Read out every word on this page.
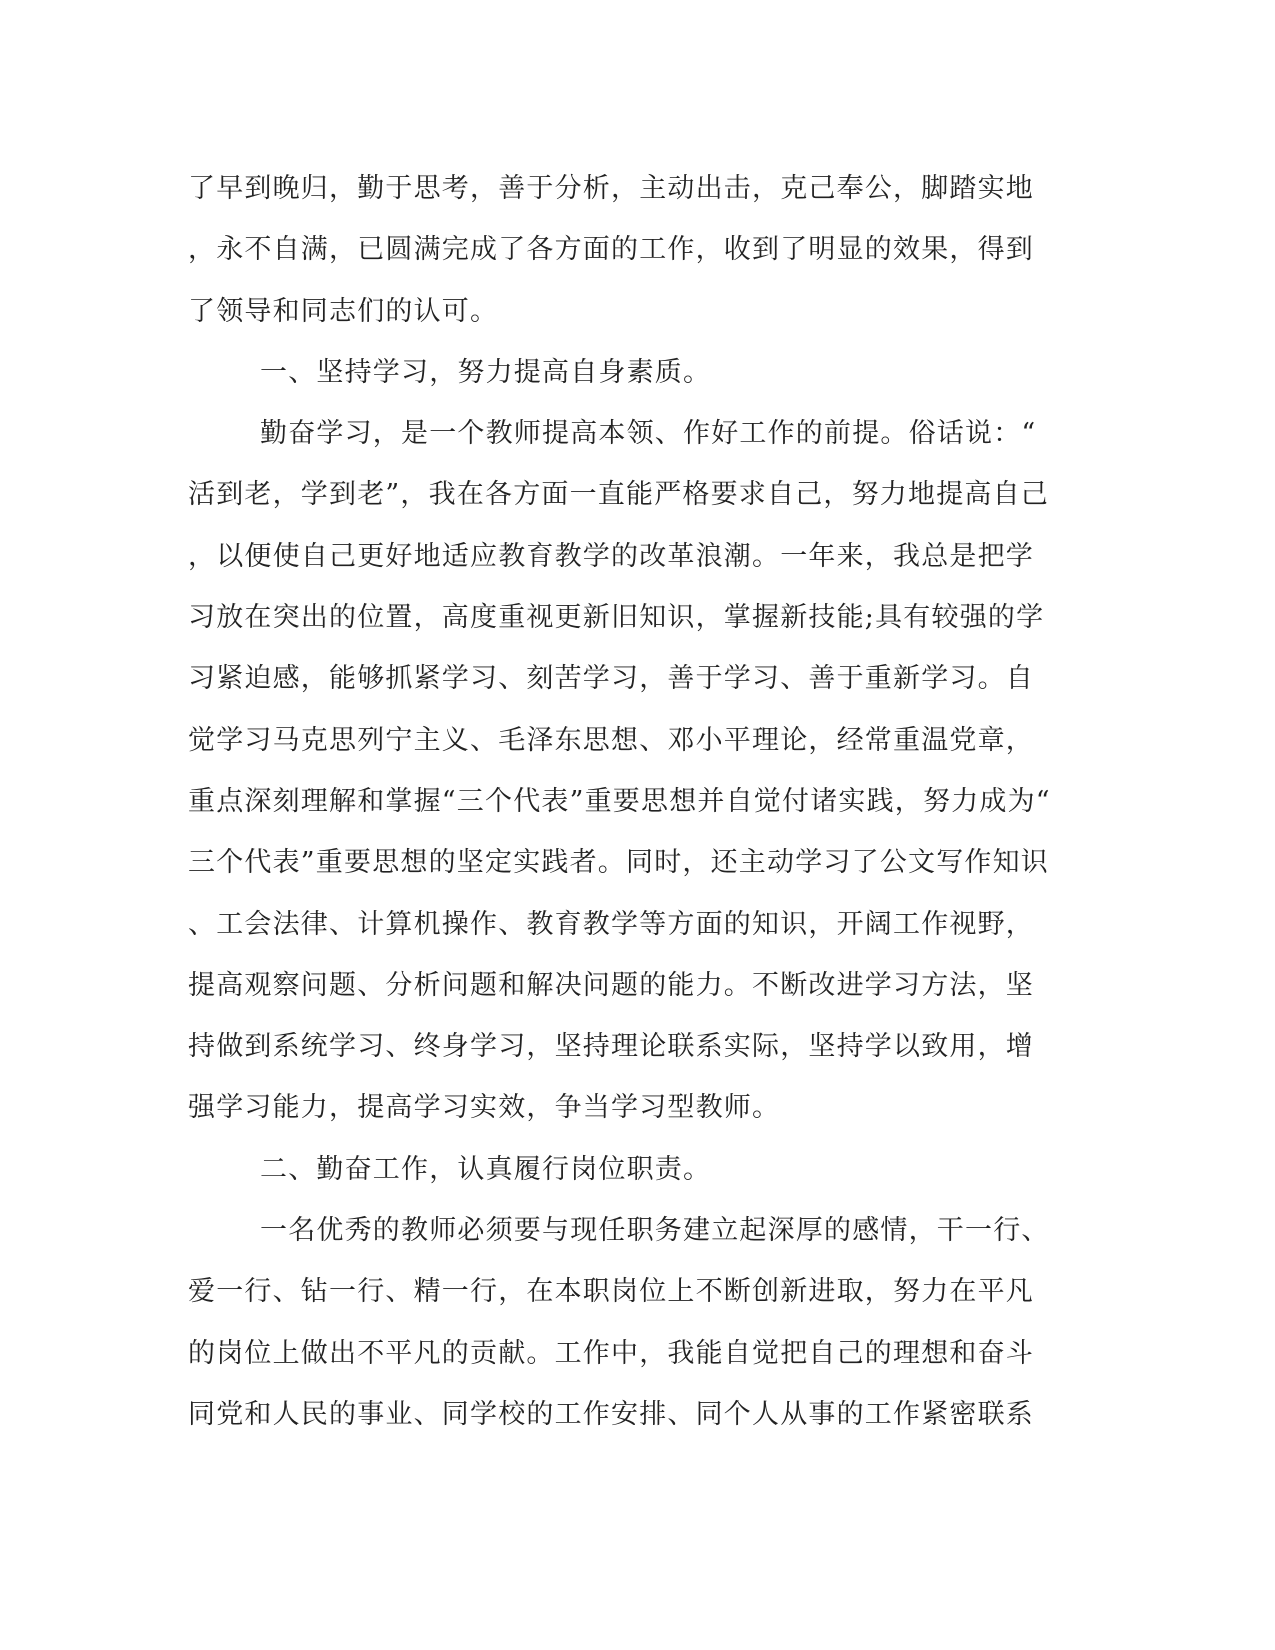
了早到晚归，勤于思考，善于分析，主动出击，克己奉公，脚踏实地
，永不自满，已圆满完成了各方面的工作，收到了明显的效果，得到
了领导和同志们的认可。
一、坚持学习，努力提高自身素质。
勤奋学习，是一个教师提高本领、作好工作的前提。俗话说：“
活到老，学到老”，我在各方面一直能严格要求自己，努力地提高自己
，以便使自己更好地适应教育教学的改革浪潮。一年来，我总是把学
习放在突出的位置，高度重视更新旧知识，掌握新技能;具有较强的学
习紧迫感，能够抓紧学习、刻苦学习，善于学习、善于重新学习。自
觉学习马克思列宁主义、毛泽东思想、邓小平理论，经常重温党章，
重点深刻理解和掌握“三个代表”重要思想并自觉付诸实践，努力成为“
三个代表”重要思想的坚定实践者。同时，还主动学习了公文写作知识
、工会法律、计算机操作、教育教学等方面的知识，开阔工作视野，
提高观察问题、分析问题和解决问题的能力。不断改进学习方法，坚
持做到系统学习、终身学习，坚持理论联系实际，坚持学以致用，增
强学习能力，提高学习实效，争当学习型教师。
二、勤奋工作，认真履行岗位职责。
一名优秀的教师必须要与现任职务建立起深厚的感情，干一行、
爱一行、钻一行、精一行，在本职岗位上不断创新进取，努力在平凡
的岗位上做出不平凡的贡献。工作中，我能自觉把自己的理想和奋斗
同党和人民的事业、同学校的工作安排、同个人从事的工作紧密联系
